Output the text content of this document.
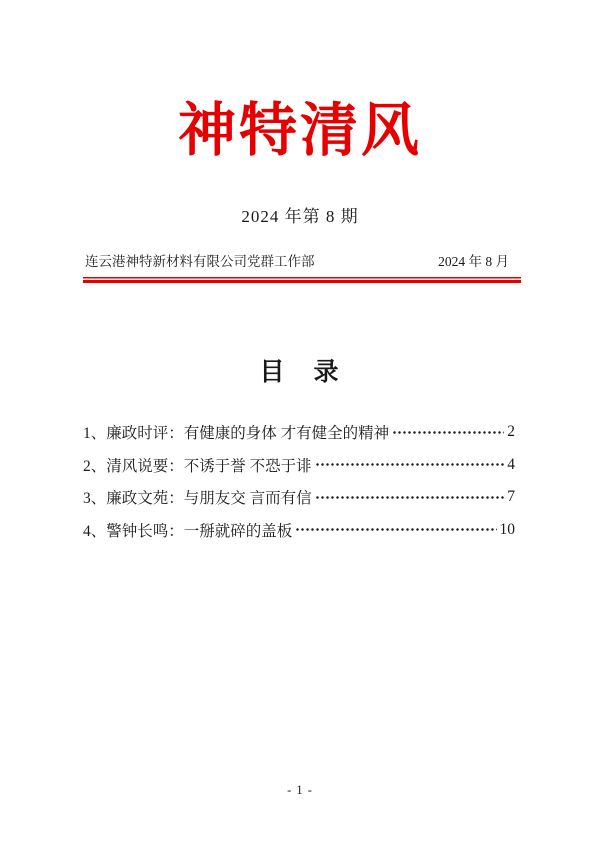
神特清风
2024 年第 8 期
连云港神特新材料有限公司党群工作部	2024 年 8 月
目　录
1、廉政时评：有健康的身体 才有健全的精神	2
2、清风说要：不诱于誉 不恐于诽	4
3、廉政文苑：与朋友交 言而有信	7
4、警钟长鸣：一掰就碎的盖板	10
- 1 -
